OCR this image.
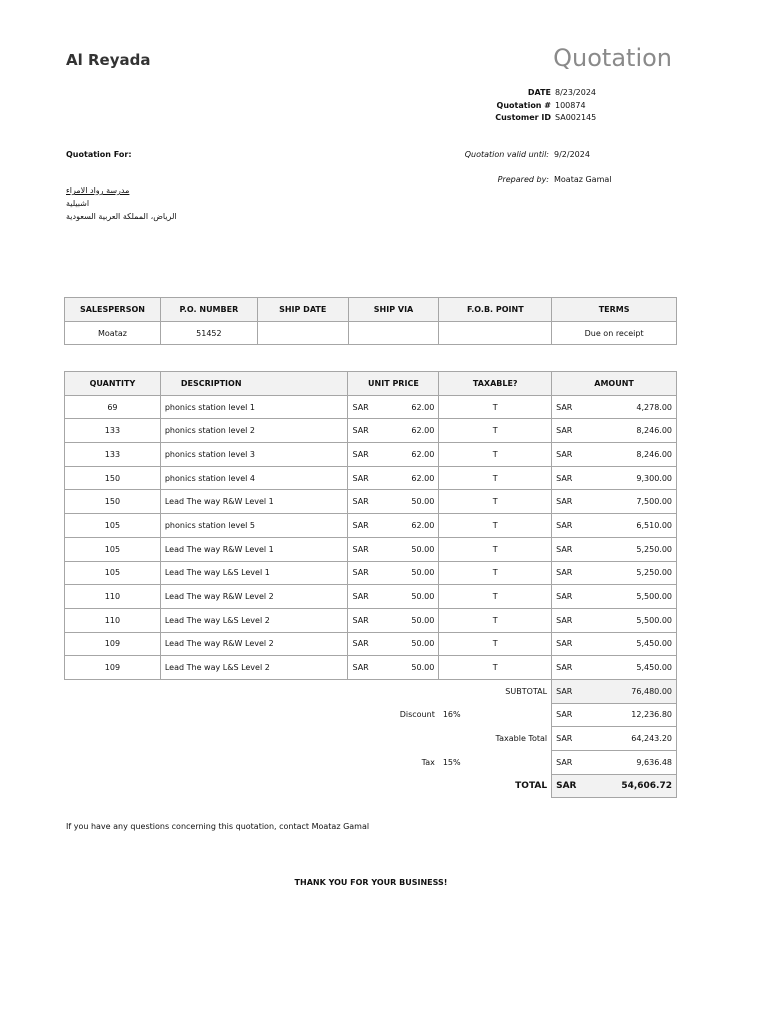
Al Reyada	Quotation
DATE 8/23/2024
Quotation # 100874
Customer ID SA002145
Quotation For:	Quotation valid until: 9/2/2024
Prepared by: Moataz Gamal
مدرسة رواد الامراء
اشبيلية
الرياض، المملكة العربية السعودية
SALESPERSON	P.O. NUMBER	SHIP DATE	SHIP VIA	F.O.B. POINT	TERMS
Moataz	51452				Due on receipt
QUANTITY	DESCRIPTION	UNIT PRICE	TAXABLE?	AMOUNT
69	phonics station level 1	SAR 62.00	T	SAR 4,278.00

133	phonics station level 2	SAR 62.00	T	SAR 8,246.00

133	phonics station level 3	SAR 62.00	T	SAR 8,246.00

150	phonics station level 4	SAR 62.00	T	SAR 9,300.00

150	Lead The way R&W Level 1	SAR 50.00	T	SAR 7,500.00

105	phonics station level 5	SAR 62.00	T	SAR 6,510.00

105	Lead The way R&W Level 1	SAR 50.00	T	SAR 5,250.00

105	Lead The way L&S Level 1	SAR 50.00	T	SAR 5,250.00

110	Lead The way R&W Level 2	SAR 50.00	T	SAR 5,500.00

110	Lead The way L&S Level 2	SAR 50.00	T	SAR 5,500.00

109	Lead The way R&W Level 2	SAR 50.00	T	SAR 5,450.00

109	Lead The way L&S Level 2	SAR 50.00	T	SAR 5,450.00

			SUBTOTAL	SAR 76,480.00

		Discount	16%	SAR 12,236.80

			Taxable Total	SAR 64,243.20

		Tax	15%	SAR 9,636.48

			TOTAL	SAR 54,606.72
If you have any questions concerning this quotation, contact Moataz Gamal
THANK YOU FOR YOUR BUSINESS!
